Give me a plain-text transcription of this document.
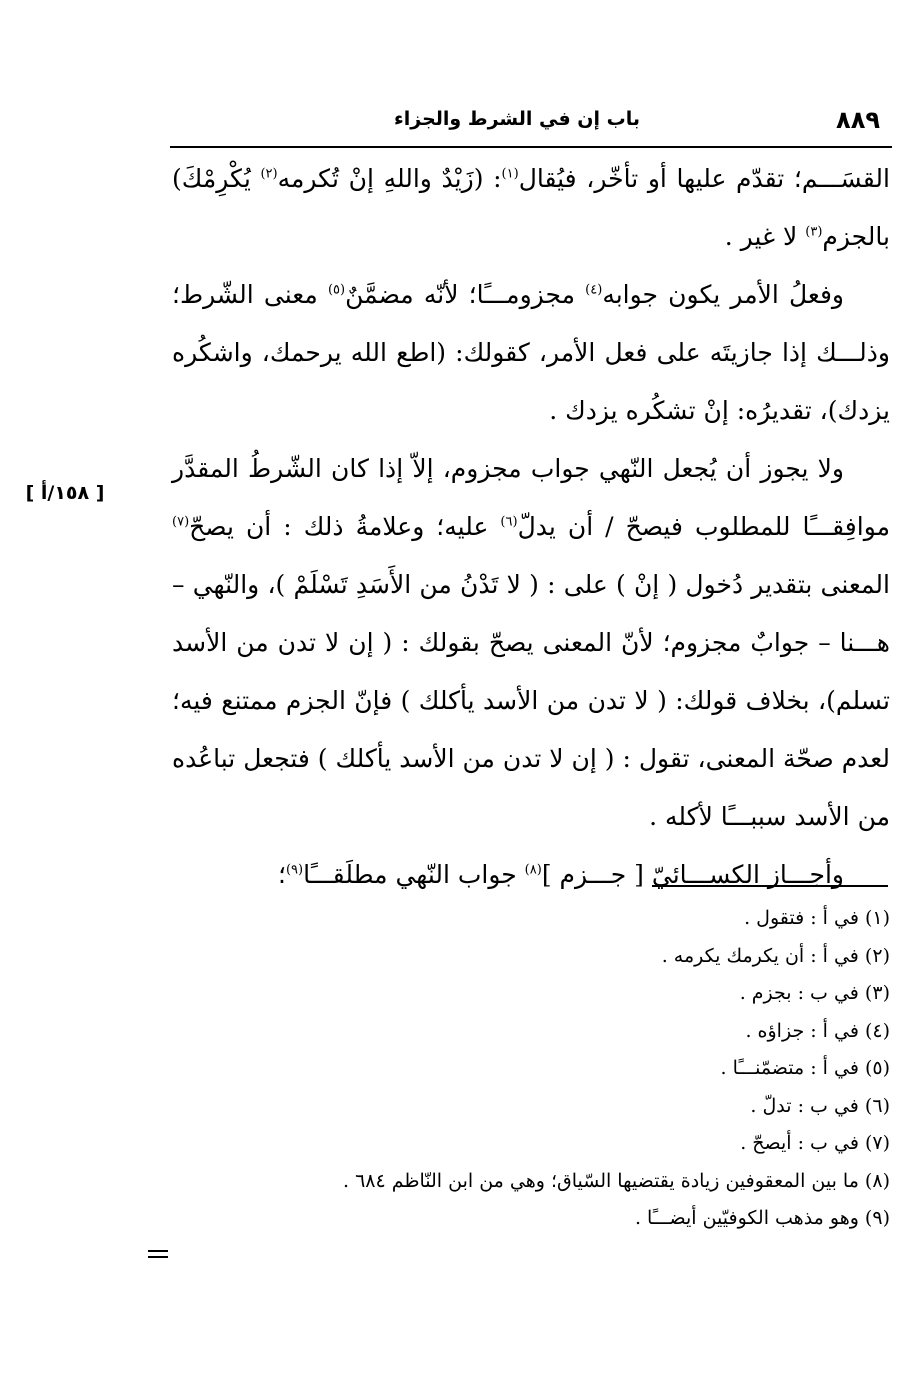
٨٨٩
باب إن في الشرط والجزاء
[ ١٥٨/أ ]

القسَـــم؛ تقدّم عليها أو تأخّر، فيُقال$^{(١)}$: (زَيْدٌ واللهِ إنْ تُكرمه$^{(٢)}$ يُكْرِمْكَ) بالجزم$^{(٣)}$ لا غير .

وفعلُ الأمر يكون جوابه$^{(٤)}$ مجزومـــًا؛ لأنّه مضمَّنٌ$^{(٥)}$ معنى الشّرط؛ وذلـــك إذا جازيتَه على فعل الأمر، كقولك: (اطع الله يرحمك، واشكُره يزدك)، تقديرُه: إنْ تشكُره يزدك .

ولا يجوز أن يُجعل النّهي جواب مجزوم، إلاّ إذا كان الشّرطُ المقدَّر موافِقـــًا للمطلوب فيصحّ / أن يدلّ$^{(٦)}$ عليه؛ وعلامةُ ذلك : أن يصحّ$^{(٧)}$ المعنى بتقدير دُخول ( إنْ ) على : ( لا تَدْنُ من الأَسَدِ تَسْلَمْ )، والنّهي – هـــنا – جوابٌ مجزوم؛ لأنّ المعنى يصحّ بقولك : ( إن لا تدن من الأسد تسلم)، بخلاف قولك: ( لا تدن من الأسد يأكلك ) فإنّ الجزم ممتنع فيه؛ لعدم صحّة المعنى، تقول : ( إن لا تدن من الأسد يأكلك ) فتجعل تباعُده من الأسد سببـــًا لأكله .

وأجـــاز الكســـائيّ [ جـــزم ]$^{(٨)}$ جواب النّهي مطلَقـــًا$^{(٩)}$؛

(١) في أ : فتقول .

(٢) في أ : أن يكرمك يكرمه .

(٣) في ب : بجزم .

(٤) في أ : جزاؤه .

(٥) في أ : متضمّنـــًا .

(٦) في ب : تدلّ .

(٧) في ب : أيصحّ .

(٨) ما بين المعقوفين زيادة يقتضيها السّياق؛ وهي من ابن النّاظم ٦٨٤ .

(٩) وهو مذهب الكوفيّين أيضـــًا .
